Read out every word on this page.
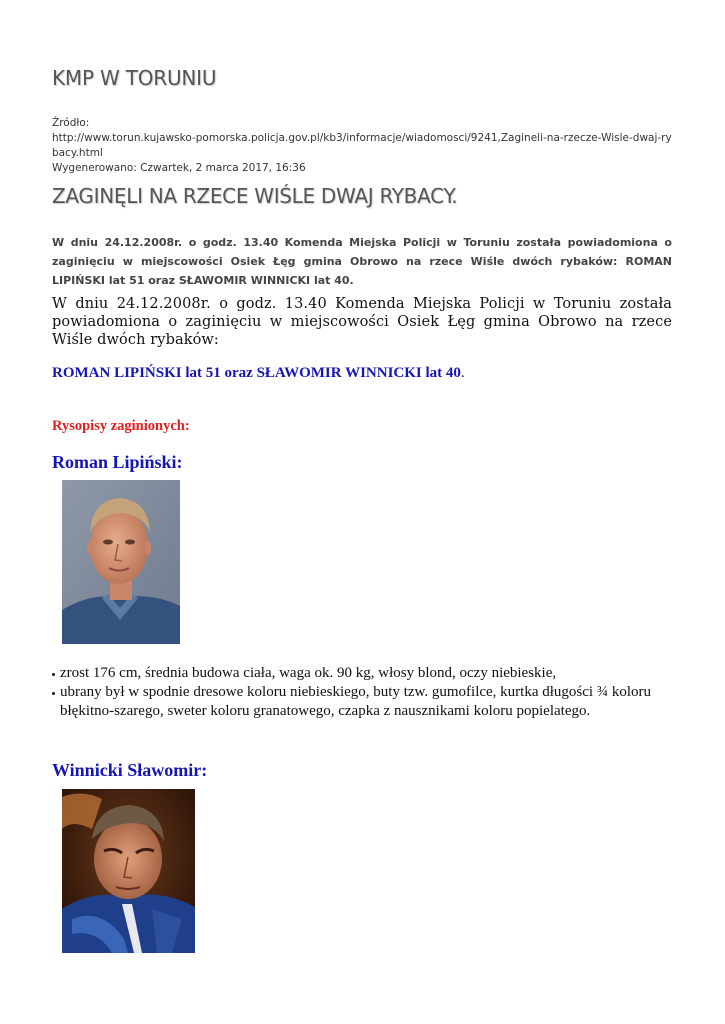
KMP W TORUNIU
Źródło:
http://www.torun.kujawsko-pomorska.policja.gov.pl/kb3/informacje/wiadomosci/9241,Zagineli-na-rzecze-Wisle-dwaj-rybacy.html
Wygenerowano: Czwartek, 2 marca 2017, 16:36
ZAGINĘLI NA RZECE WIŚLE DWAJ RYBACY.

W dniu 24.12.2008r. o godz. 13.40 Komenda Miejska Policji w Toruniu została powiadomiona o zaginięciu w miejscowości Osiek Łęg gmina Obrowo na rzece Wiśle dwóch rybaków: ROMAN LIPIŃSKI lat 51 oraz SŁAWOMIR WINNICKI lat 40.

W dniu 24.12.2008r. o godz. 13.40 Komenda Miejska Policji w Toruniu została powiadomiona o zaginięciu w miejscowości Osiek Łęg gmina Obrowo na rzece Wiśle dwóch rybaków:

ROMAN LIPIŃSKI lat 51 oraz SŁAWOMIR WINNICKI lat 40.

Rysopisy zaginionych:

Roman Lipiński:
zrost 176 cm, średnia budowa ciała, waga ok. 90 kg, włosy blond, oczy niebieskie,
ubrany był w spodnie dresowe koloru niebieskiego, buty tzw. gumofilce, kurtka długości ¾ koloru błękitno-szarego, sweter koloru granatowego, czapka z nausznikami koloru popielatego.
Winnicki Sławomir:
